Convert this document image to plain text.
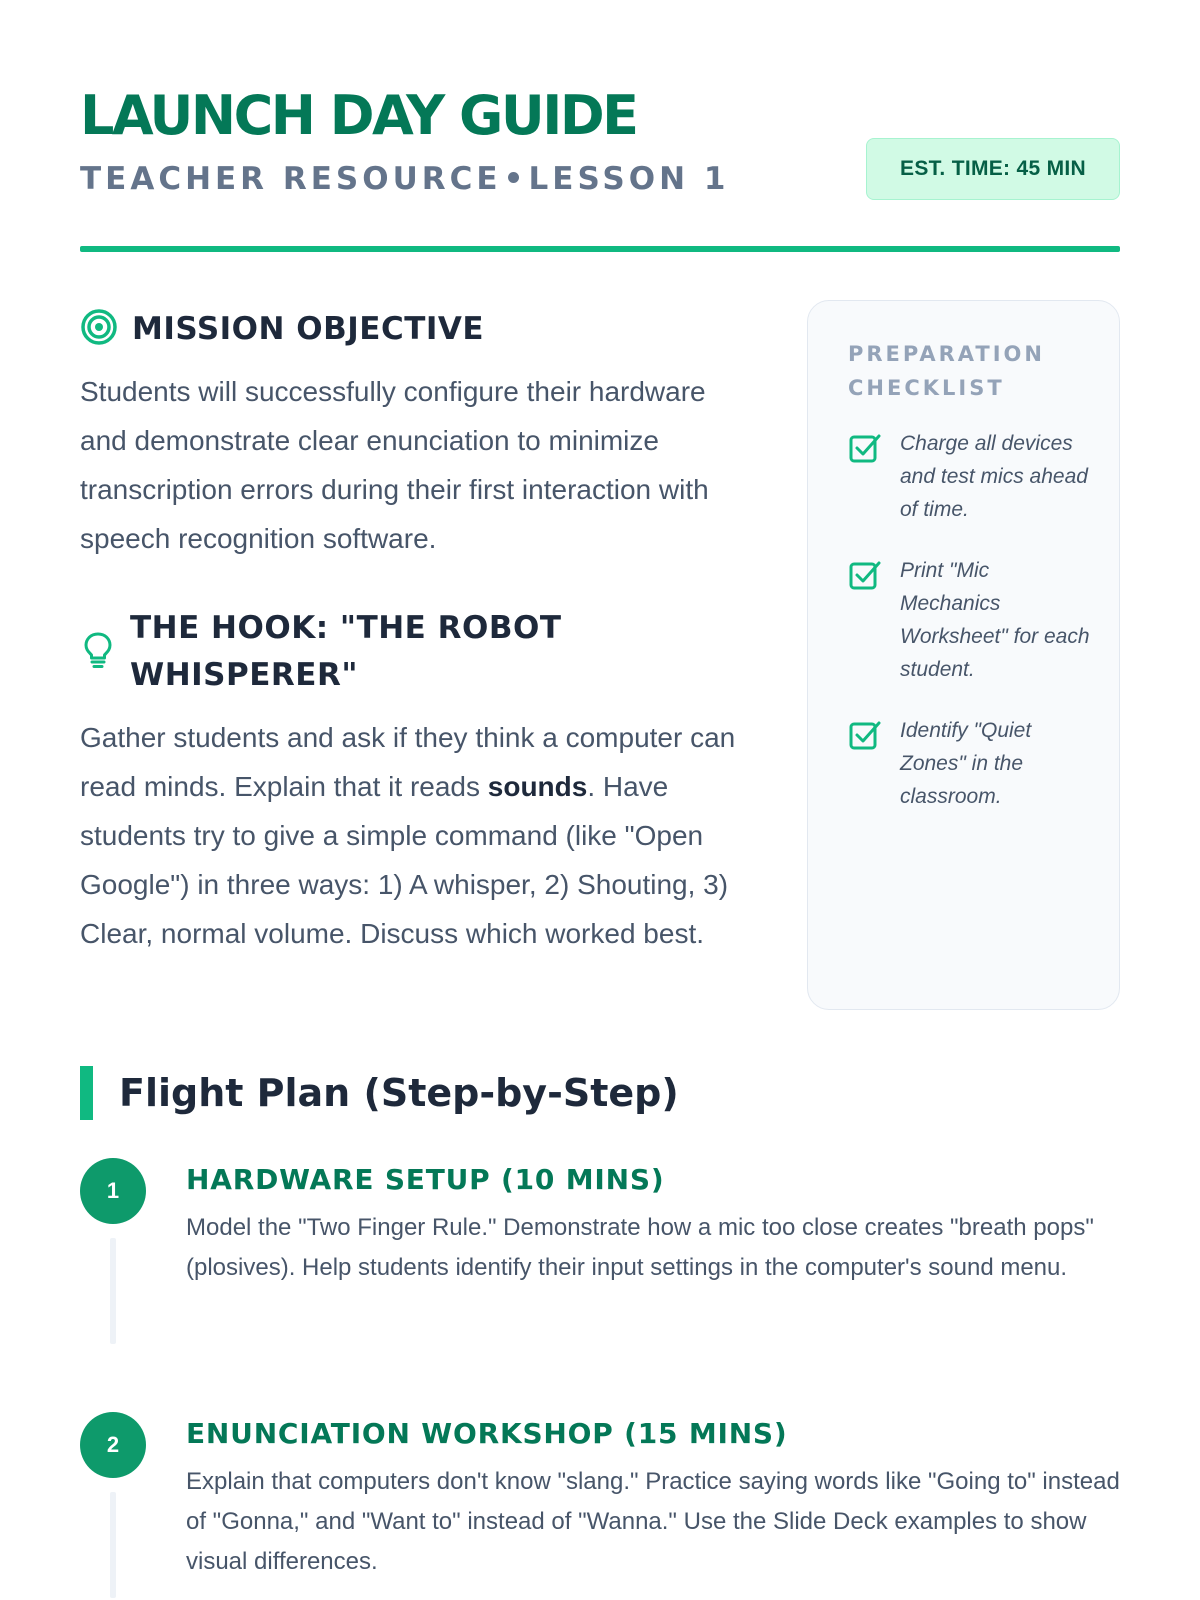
LAUNCH DAY GUIDE
TEACHER RESOURCE LESSON 1	EST. TIME: 45 MIN
MISSION OBJECTIVE

Students will successfully configure their hardware and demonstrate clear enunciation to minimize transcription errors during their first interaction with speech recognition software.

THE HOOK: "THE ROBOT WHISPERER"

Gather students and ask if they think a computer can read minds. Explain that it reads sounds. Have students try to give a simple command (like "Open Google") in three ways: 1) A whisper, 2) Shouting, 3) Clear, normal volume. Discuss which worked best.

PREPARATION CHECKLIST
Charge all devices and test mics ahead of time.
Print "Mic Mechanics Worksheet" for each student.
Identify "Quiet Zones" in the classroom.
Flight Plan (Step-by-Step)
1	HARDWARE SETUP (10 MINS)

Model the "Two Finger Rule." Demonstrate how a mic too close creates "breath pops" (plosives). Help students identify their input settings in the computer's sound menu.

2	ENUNCIATION WORKSHOP (15 MINS)

Explain that computers don't know "slang." Practice saying words like "Going to" instead of "Gonna," and "Want to" instead of "Wanna." Use the Slide Deck examples to show visual differences.
